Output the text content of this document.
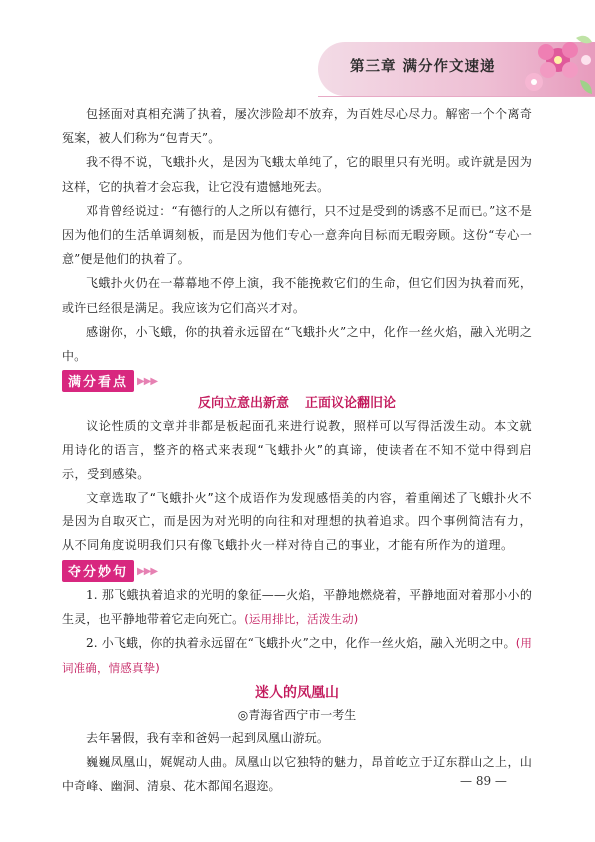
第三章 满分作文速递

包拯面对真相充满了执着，屡次涉险却不放弃，为百姓尽心尽力。解密一个个离奇冤案，被人们称为“包青天”。

我不得不说，飞蛾扑火，是因为飞蛾太单纯了，它的眼里只有光明。或许就是因为这样，它的执着才会忘我，让它没有遗憾地死去。

邓肯曾经说过：“有德行的人之所以有德行，只不过是受到的诱惑不足而已。”这不是因为他们的生活单调刻板，而是因为他们专心一意奔向目标而无暇旁顾。这份“专心一意”便是他们的执着了。

飞蛾扑火仍在一幕幕地不停上演，我不能挽救它们的生命，但它们因为执着而死，或许已经很是满足。我应该为它们高兴才对。

感谢你，小飞蛾，你的执着永远留在“飞蛾扑火”之中，化作一丝火焰，融入光明之中。

满分看点 ▶▶▶

反向立意出新意 正面议论翻旧论

议论性质的文章并非都是板起面孔来进行说教，照样可以写得活泼生动。本文就用诗化的语言，整齐的格式来表现“飞蛾扑火”的真谛，使读者在不知不觉中得到启示，受到感染。

文章选取了“飞蛾扑火”这个成语作为发现感悟美的内容，着重阐述了飞蛾扑火不是因为自取灭亡，而是因为对光明的向往和对理想的执着追求。四个事例简洁有力，从不同角度说明我们只有像飞蛾扑火一样对待自己的事业，才能有所作为的道理。

夺分妙句 ▶▶▶

1. 那飞蛾执着追求的光明的象征——火焰，平静地燃烧着，平静地面对着那小小的生灵，也平静地带着它走向死亡。(运用排比，活泼生动)

2. 小飞蛾，你的执着永远留在“飞蛾扑火”之中，化作一丝火焰，融入光明之中。(用词准确，情感真挚)

迷人的凤凰山

◎青海省西宁市一考生

去年暑假，我有幸和爸妈一起到凤凰山游玩。

巍巍凤凰山，娓娓动人曲。凤凰山以它独特的魅力，昂首屹立于辽东群山之上，山中奇峰、幽洞、清泉、花木都闻名遐迩。	— 89 —
